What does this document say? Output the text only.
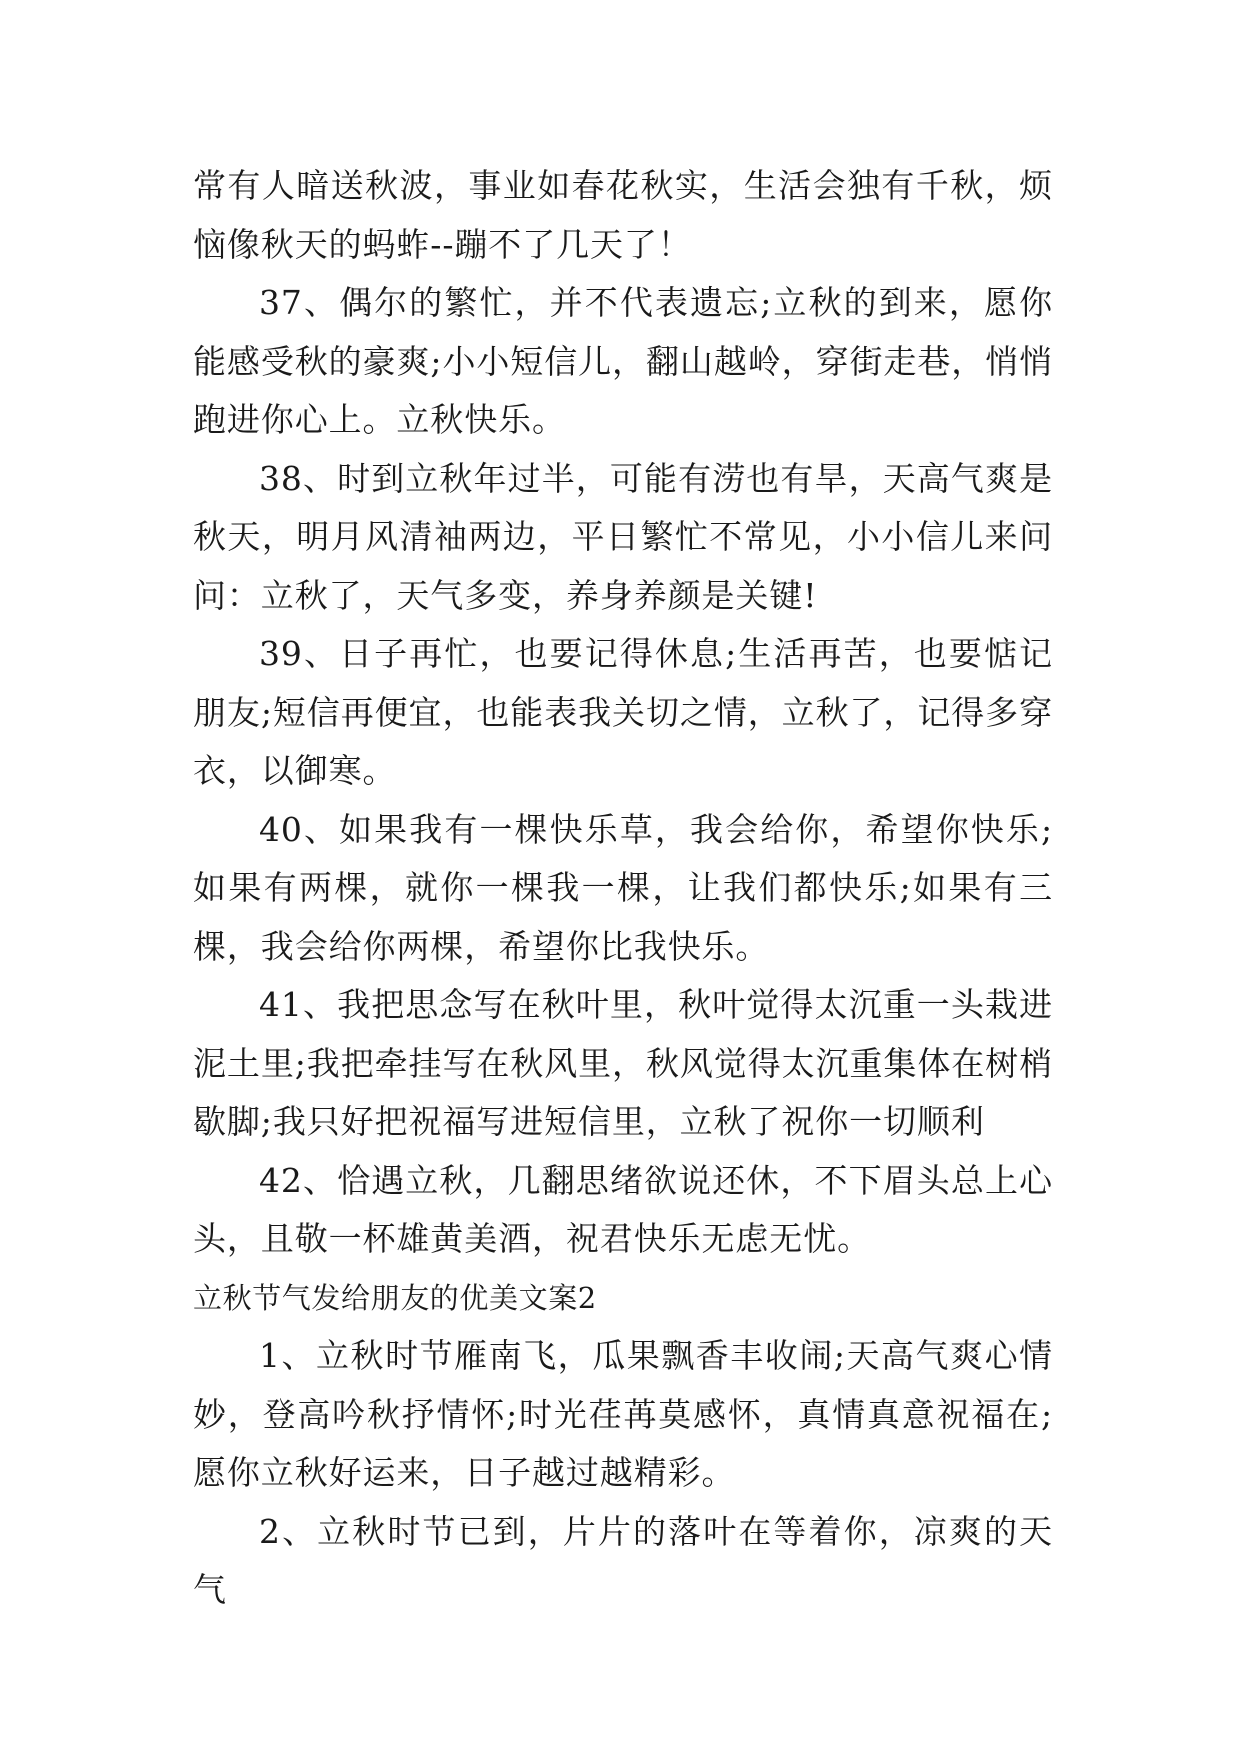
常有人暗送秋波，事业如春花秋实，生活会独有千秋，烦恼像秋天的蚂蚱--蹦不了几天了！

37、偶尔的繁忙，并不代表遗忘;立秋的到来，愿你能感受秋的豪爽;小小短信儿，翻山越岭，穿街走巷，悄悄跑进你心上。立秋快乐。

38、时到立秋年过半，可能有涝也有旱，天高气爽是秋天，明月风清袖两边，平日繁忙不常见，小小信儿来问问：立秋了，天气多变，养身养颜是关键!

39、日子再忙，也要记得休息;生活再苦，也要惦记朋友;短信再便宜，也能表我关切之情，立秋了，记得多穿衣，以御寒。

40、如果我有一棵快乐草，我会给你，希望你快乐;如果有两棵，就你一棵我一棵，让我们都快乐;如果有三棵，我会给你两棵，希望你比我快乐。

41、我把思念写在秋叶里，秋叶觉得太沉重一头栽进泥土里;我把牵挂写在秋风里，秋风觉得太沉重集体在树梢歇脚;我只好把祝福写进短信里，立秋了祝你一切顺利

42、恰遇立秋，几翻思绪欲说还休，不下眉头总上心头，且敬一杯雄黄美酒，祝君快乐无虑无忧。

立秋节气发给朋友的优美文案2

1、立秋时节雁南飞，瓜果飘香丰收闹;天高气爽心情妙，登高吟秋抒情怀;时光荏苒莫感怀，真情真意祝福在;愿你立秋好运来，日子越过越精彩。

2、立秋时节已到，片片的落叶在等着你，凉爽的天气
